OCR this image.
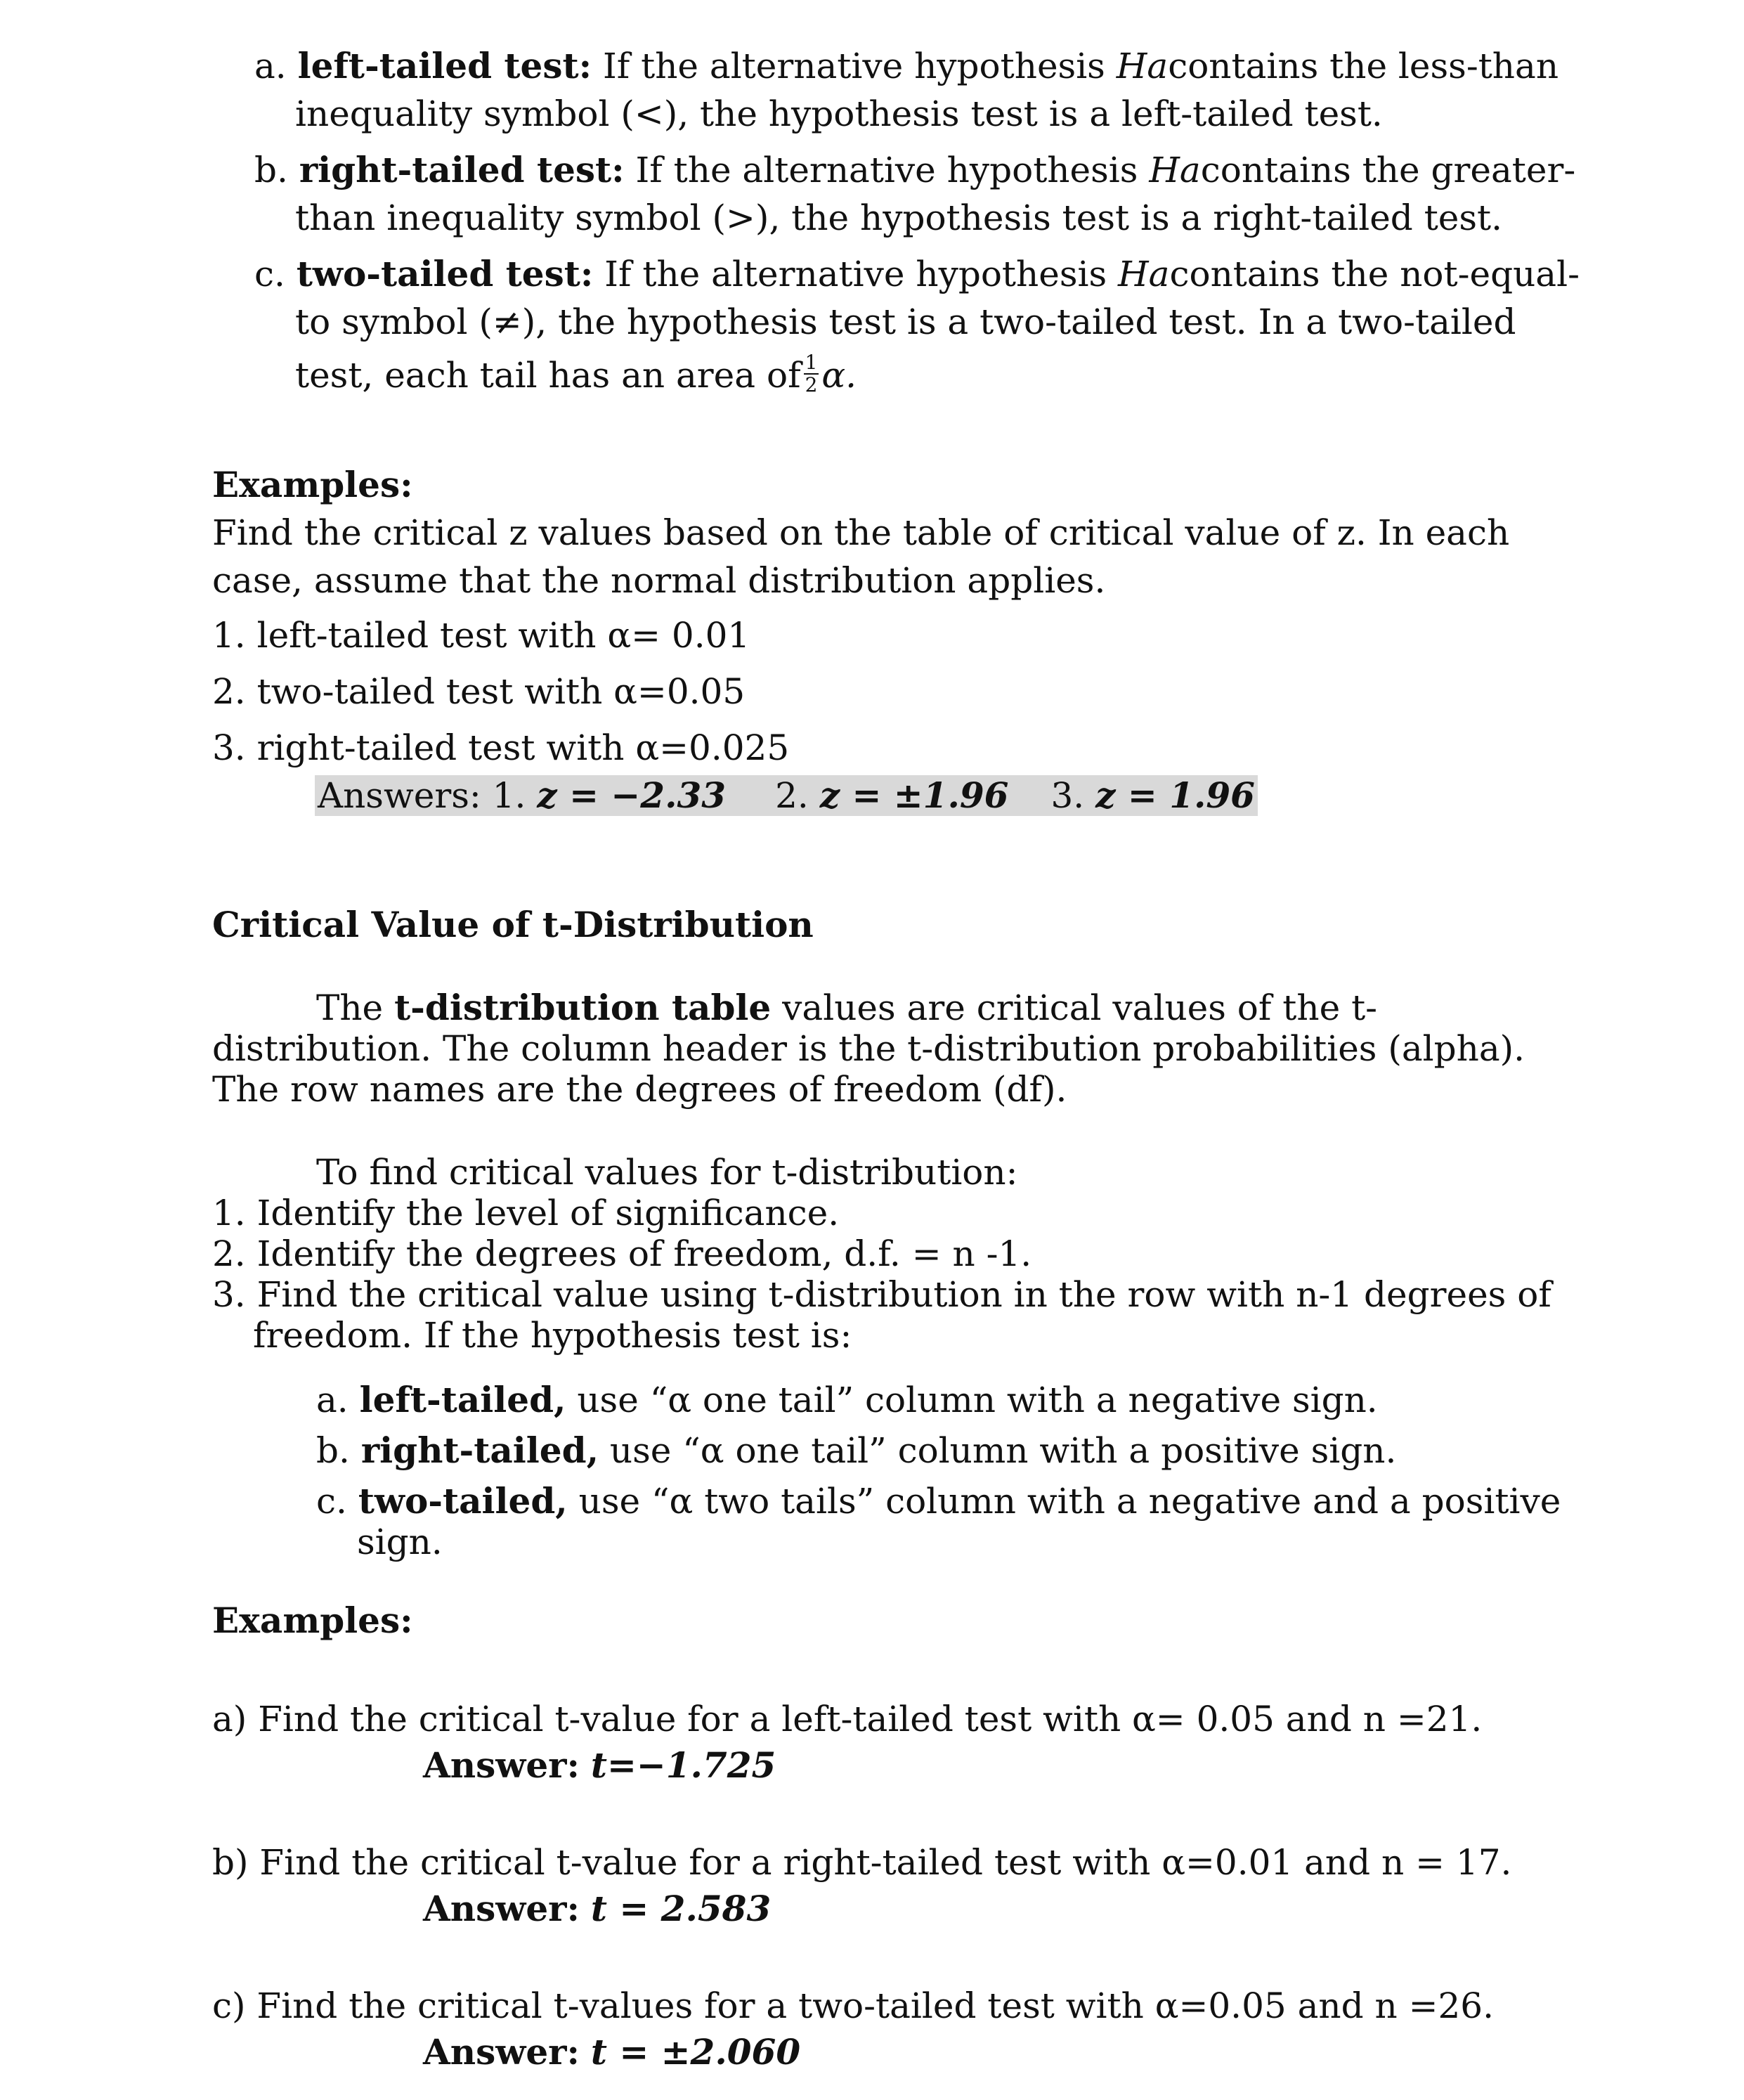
a. left-tailed test: If the alternative hypothesis Hacontains the less-than
inequality symbol (<), the hypothesis test is a left-tailed test.
b. right-tailed test: If the alternative hypothesis Hacontains the greater-
than inequality symbol (>), the hypothesis test is a right-tailed test.
c. two-tailed test: If the alternative hypothesis Hacontains the not-equal-
to symbol (≠), the hypothesis test is a two-tailed test. In a two-tailed
test, each tail has an area of $\frac{1}{2} \alpha$.
Examples:
Find the critical z values based on the table of critical value of z. In each
case, assume that the normal distribution applies.
1. left-tailed test with α= 0.01
2. two-tailed test with α=0.05
3. right-tailed test with α=0.025
Answers: 1. z = −2.33 2. z = ±1.96 3. z = 1.96
Critical Value of t-Distribution
The t-distribution table values are critical values of the t-
distribution. The column header is the t-distribution probabilities (alpha).
The row names are the degrees of freedom (df).
To find critical values for t-distribution:
1. Identify the level of significance.
2. Identify the degrees of freedom, d.f. = n -1.
3. Find the critical value using t-distribution in the row with n-1 degrees of
freedom. If the hypothesis test is:
a. left-tailed, use “α one tail” column with a negative sign.
b. right-tailed, use “α one tail” column with a positive sign.
c. two-tailed, use “α two tails” column with a negative and a positive
sign.
Examples:
a) Find the critical t-value for a left-tailed test with α= 0.05 and n =21.
Answer: t=−1.725
b) Find the critical t-value for a right-tailed test with α=0.01 and n = 17.
Answer: t = 2.583
c) Find the critical t-values for a two-tailed test with α=0.05 and n =26.
Answer: t = ±2.060
